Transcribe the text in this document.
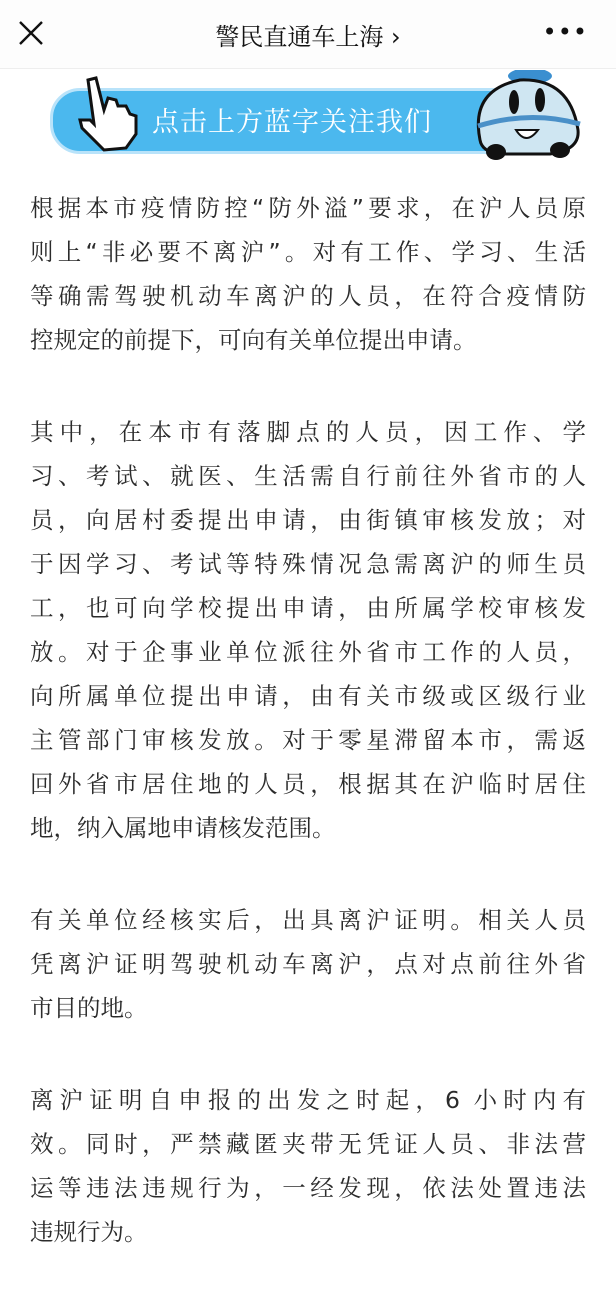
警民直通车上海 ›	•••
点击上方蓝字关注我们
根据本市疫情防控“防外溢”要求，在沪人员原
则上“非必要不离沪”。对有工作、学习、生活
等确需驾驶机动车离沪的人员，在符合疫情防
控规定的前提下，可向有关单位提出申请。
其中，在本市有落脚点的人员，因工作、学
习、考试、就医、生活需自行前往外省市的人
员，向居村委提出申请，由街镇审核发放；对
于因学习、考试等特殊情况急需离沪的师生员
工，也可向学校提出申请，由所属学校审核发
放。对于企事业单位派往外省市工作的人员，
向所属单位提出申请，由有关市级或区级行业
主管部门审核发放。对于零星滞留本市，需返
回外省市居住地的人员，根据其在沪临时居住
地，纳入属地申请核发范围。
有关单位经核实后，出具离沪证明。相关人员
凭离沪证明驾驶机动车离沪，点对点前往外省
市目的地。
离沪证明自申报的出发之时起，6 小时内有
效。同时，严禁藏匿夹带无凭证人员、非法营
运等违法违规行为，一经发现，依法处置违法
违规行为。
